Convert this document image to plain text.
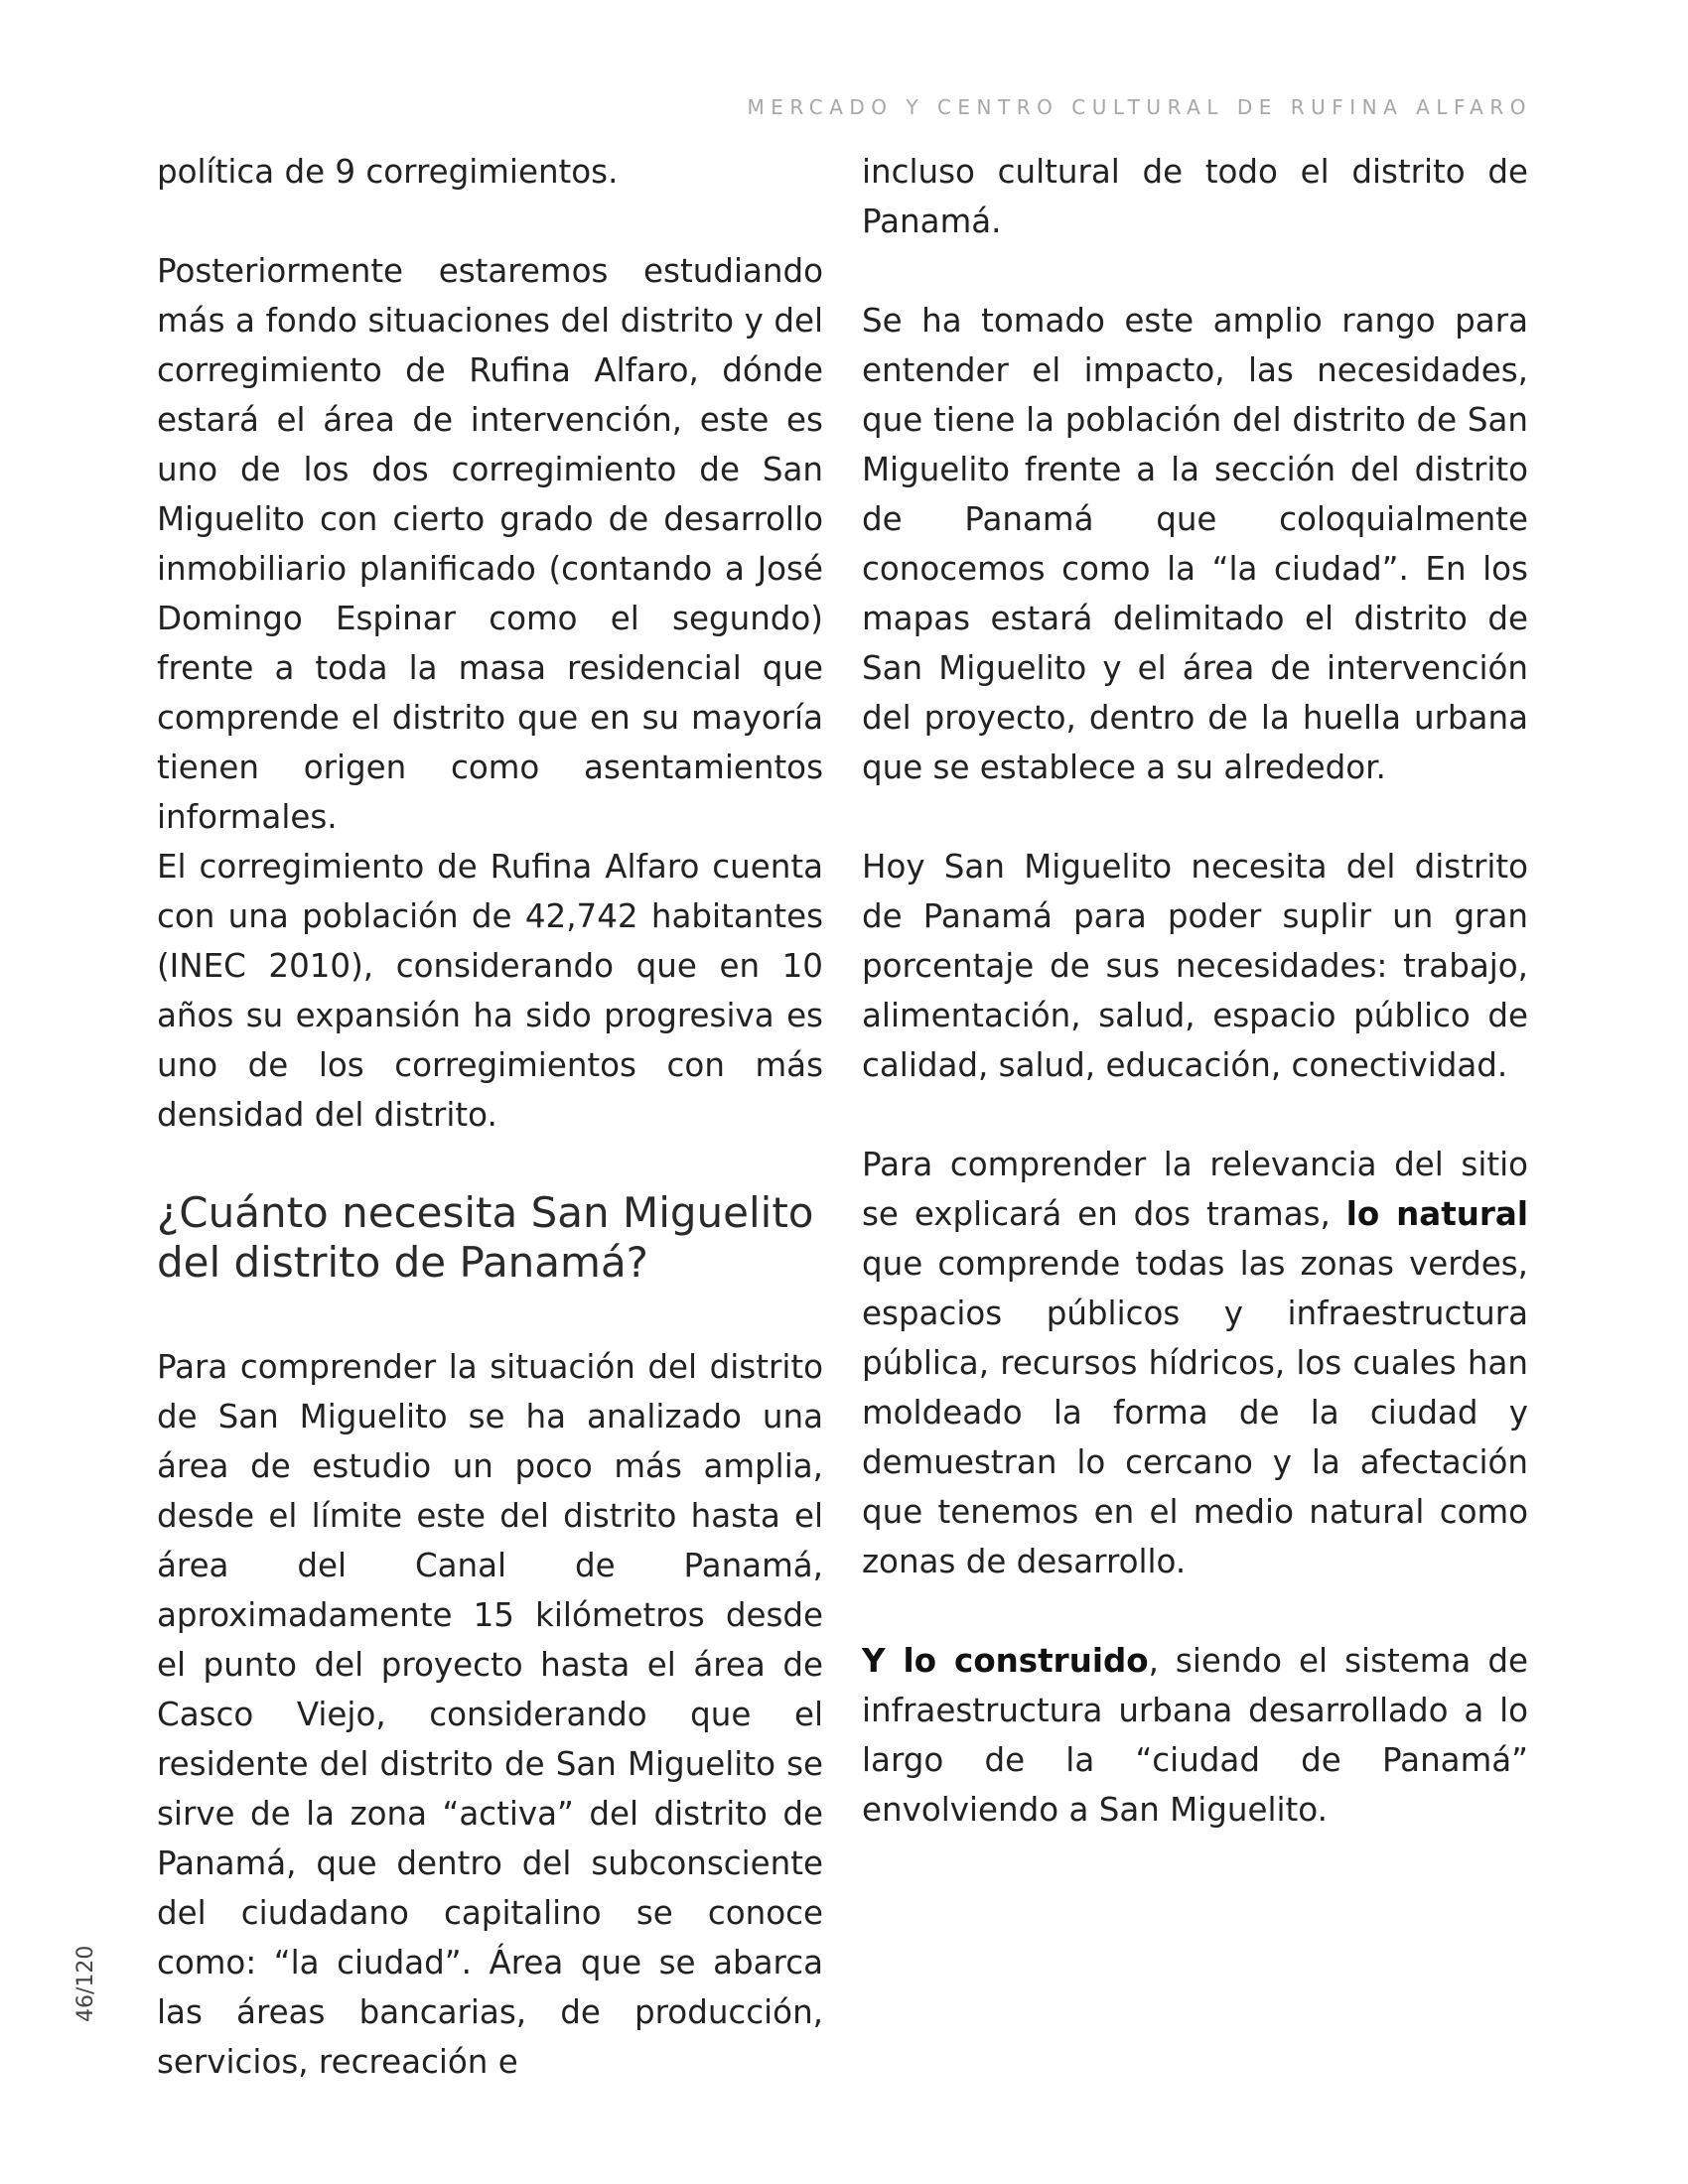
MERCADO Y CENTRO CULTURAL DE RUFINA ALFARO

política de 9 corregimientos.

Posteriormente estaremos estudiando más a fondo situaciones del distrito y del corregimiento de Rufina Alfaro, dónde estará el área de intervención, este es uno de los dos corregimiento de San Miguelito con cierto grado de desarrollo inmobiliario planificado (contando a José Domingo Espinar como el segundo) frente a toda la masa residencial que comprende el distrito que en su mayoría tienen origen como asentamientos informales.

El corregimiento de Rufina Alfaro cuenta con una población de 42,742 habitantes (INEC 2010), considerando que en 10 años su expansión ha sido progresiva es uno de los corregimientos con más densidad del distrito.

¿Cuánto necesita San Miguelito del distrito de Panamá?

Para comprender la situación del distrito de San Miguelito se ha analizado una área de estudio un poco más amplia, desde el límite este del distrito hasta el área del Canal de Panamá, aproximadamente 15 kilómetros desde el punto del proyecto hasta el área de Casco Viejo, considerando que el residente del distrito de San Miguelito se sirve de la zona “activa” del distrito de Panamá, que dentro del subconsciente del ciudadano capitalino se conoce como: “la ciudad”. Área que se abarca las áreas bancarias, de producción, servicios, recreación e

incluso cultural de todo el distrito de Panamá.

Se ha tomado este amplio rango para entender el impacto, las necesidades, que tiene la población del distrito de San Miguelito frente a la sección del distrito de Panamá que coloquialmente conocemos como la “la ciudad”. En los mapas estará delimitado el distrito de San Miguelito y el área de intervención del proyecto, dentro de la huella urbana que se establece a su alrededor.

Hoy San Miguelito necesita del distrito de Panamá para poder suplir un gran porcentaje de sus necesidades: trabajo, alimentación, salud, espacio público de calidad, salud, educación, conectividad.

Para comprender la relevancia del sitio se explicará en dos tramas, lo natural que comprende todas las zonas verdes, espacios públicos y infraestructura pública, recursos hídricos, los cuales han moldeado la forma de la ciudad y demuestran lo cercano y la afectación que tenemos en el medio natural como zonas de desarrollo.

Y lo construido, siendo el sistema de infraestructura urbana desarrollado a lo largo de la “ciudad de Panamá” envolviendo a San Miguelito.

46/120
